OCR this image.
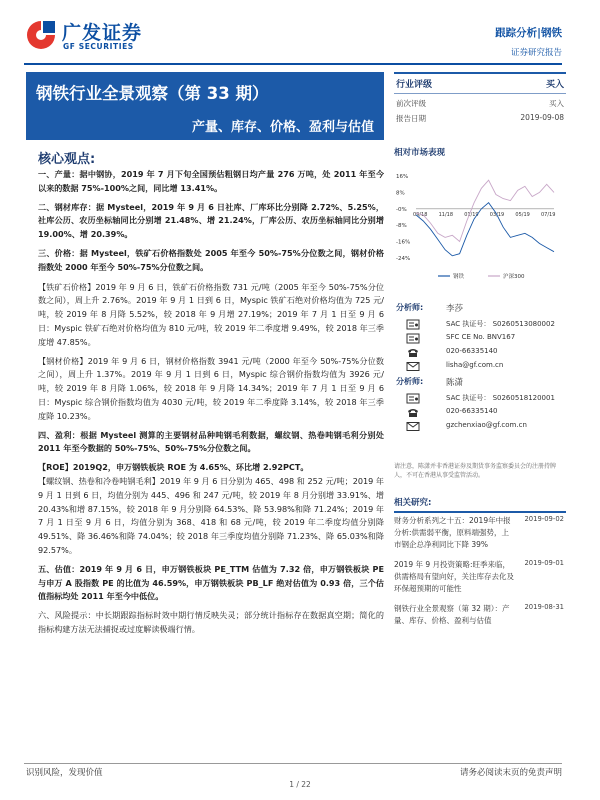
广发证券
GF SECURITIES
跟踪分析|钢铁
证券研究报告
钢铁行业全景观察（第 33 期）
产量、库存、价格、盈利与估值
行业评级	买入
前次评级	买入
报告日期	2019-09-08
相对市场表现
16%
8%
-0%
-8%
-16%
-24%
09/18 11/18 01/19 03/19 05/19 07/19
钢铁	沪深300
分析师:	李莎
SAC 执证号： S0260513080002
SFC CE No. BNV167
020-66335140
lisha@gf.com.cn
分析师:	陈潇
SAC 执证号： S0260518120001
020-66335140
gzchenxiao@gf.com.cn
请注意，陈潇并非香港证券及期货事务监察委员会的注册持牌人，不可在香港从事受监管活动。
相关研究:
财务分析系列之十五：2019年中报分析:供需弱平衡，原料端强势，上市钢企总净利同比下降 39%
2019-09-02
2019 年 9 月投资策略:旺季来临，供需格局有望向好，关注库存去化及环保超预期的可能性
2019-09-01
钢铁行业全景观察（第 32 期）：产量、库存、价格、盈利与估值
2019-08-31
核心观点:

一、产量：据中钢协，2019 年 7 月下旬全国预估粗钢日均产量 276 万吨，处 2011 年至今以来的数据 75%-100%之间，同比增 13.41%。

二、钢材库存：据 Mysteel，2019 年 9 月 6 日社库、厂库环比分别降 2.72%、5.25%，社库公历、农历坐标轴同比分别增 21.48%、增 21.24%，厂库公历、农历坐标轴同比分别增 19.00%、增 20.39%。

三、价格：据 Mysteel，铁矿石价格指数处 2005 年至今 50%-75%分位数之间，钢材价格指数处 2000 年至今 50%-75%分位数之间。

【铁矿石价格】2019 年 9 月 6 日，铁矿石价格指数 731 元/吨（2005 年至今 50%-75%分位数之间），周上升 2.76%。2019 年 9 月 1 日到 6 日，Myspic 铁矿石绝对价格均值为 725 元/吨，较 2019 年 8 月降 5.52%，较 2018 年 9 月增 27.19%；2019 年 7 月 1 日至 9 月 6 日：Myspic 铁矿石绝对价格均值为 810 元/吨，较 2019 年二季度增 9.49%，较 2018 年三季度增 47.85%。

【钢材价格】2019 年 9 月 6 日，钢材价格指数 3941 元/吨（2000 年至今 50%-75%分位数之间），周上升 1.37%。2019 年 9 月 1 日到 6 日，Myspic 综合钢价指数均值为 3926 元/吨，较 2019 年 8 月降 1.06%，较 2018 年 9 月降 14.34%；2019 年 7 月 1 日至 9 月 6 日：Myspic 综合钢价指数均值为 4030 元/吨，较 2019 年二季度降 3.14%，较 2018 年三季度降 10.23%。

四、盈利：根据 Mysteel 测算的主要钢材品种吨钢毛利数据，螺纹钢、热卷吨钢毛利分别处 2011 年至今数据的 50%-75%、50%-75%分位数之间。

【ROE】2019Q2，申万钢铁板块 ROE 为 4.65%、环比增 2.92PCT。

【螺纹钢、热卷和冷卷吨钢毛利】2019 年 9 月 6 日分别为 465、498 和 252 元/吨；2019 年 9 月 1 日到 6 日，均值分别为 445、496 和 247 元/吨，较 2019 年 8 月分别增 33.91%、增 20.43%和增 87.15%，较 2018 年 9 月分别降 64.53%、降 53.98%和降 71.24%；2019 年 7 月 1 日至 9 月 6 日，均值分别为 368、418 和 68 元/吨，较 2019 年二季度均值分别降 49.51%、降 36.46%和降 74.04%；较 2018 年三季度均值分别降 71.23%、降 65.03%和降 92.57%。

五、估值：2019 年 9 月 6 日，申万钢铁板块 PE_TTM 估值为 7.32 倍，申万钢铁板块 PE 与申万 A 股指数 PE 的比值为 46.59%，申万钢铁板块 PB_LF 绝对估值为 0.93 倍，三个估值指标均处 2011 年至今中低位。

六、风险提示：中长期跟踪指标时效中期行情反映失灵；部分统计指标存在数据真空期；简化的指标构建方法无法捕捉或过度解读极端行情。

识别风险，发现价值	请务必阅读末页的免责声明
1 / 22
